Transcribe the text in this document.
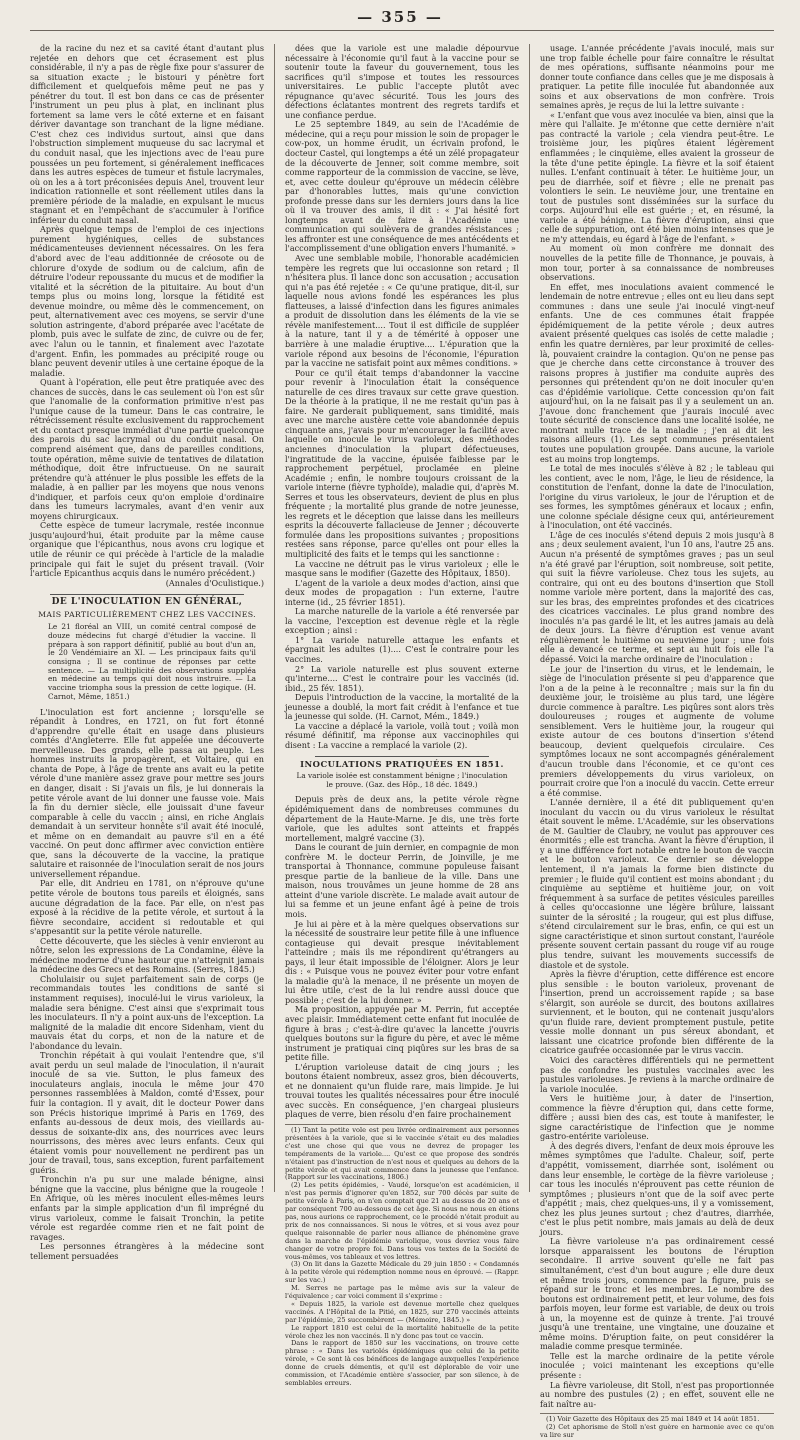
— 355 —

de la racine du nez et sa cavité étant d'autant plus rejetée en dehors que cet écrasement est plus considérable, il n'y a pas de règle fixe pour s'assurer de sa situation exacte ; le bistouri y pénètre fort difficilement et quelquefois même peut ne pas y pénétrer du tout. Il est bon dans ce cas de présenter l'instrument un peu plus à plat, en inclinant plus fortement sa lame vers le côté externe et en faisant dériver davantage son tranchant de la ligne médiane. C'est chez ces individus surtout, ainsi que dans l'obstruction simplement muqueuse du sac lacrymal et du conduit nasal, que les injections avec de l'eau pure poussées un peu fortement, si généralement inefficaces dans les autres espèces de tumeur et fistule lacrymales, où on les a à tort préconisées depuis Anel, trouvent leur indication rationnelle et sont réellement utiles dans la première période de la maladie, en expulsant le mucus stagnant et en l'empêchant de s'accumuler à l'orifice inférieur du conduit nasal.

Après quelque temps de l'emploi de ces injections purement hygiéniques, celles de substances médicamenteuses deviennent nécessaires. On les fera d'abord avec de l'eau additionnée de créosote ou de chlorure d'oxyde de sodium ou de calcium, afin de détruire l'odeur repoussante du mucus et de modifier la vitalité et la sécrétion de la pituitaire. Au bout d'un temps plus ou moins long, lorsque la fétidité est devenue moindre, ou même dès le commencement, on peut, alternativement avec ces moyens, se servir d'une solution astringente, d'abord préparée avec l'acétate de plomb, puis avec le sulfate de zinc, de cuivre ou de fer, avec l'alun ou le tannin, et finalement avec l'azotate d'argent. Enfin, les pommades au précipité rouge ou blanc peuvent devenir utiles à une certaine époque de la maladie.

Quant à l'opération, elle peut être pratiquée avec des chances de succès, dans le cas seulement où l'on est sûr que l'anomalie de la conformation primitive n'est pas l'unique cause de la tumeur. Dans le cas contraire, le rétrécissement résulte exclusivement du rapprochement et du contact presque immédiat d'une partie quelconque des parois du sac lacrymal ou du conduit nasal. On comprend aisément que, dans de pareilles conditions, toute opération, même suivie de tentatives de dilatation méthodique, doit être infructueuse. On ne saurait prétendre qu'à atténuer le plus possible les effets de la maladie, à en pallier par les moyens que nous venons d'indiquer, et parfois ceux qu'on emploie d'ordinaire dans les tumeurs lacrymales, avant d'en venir aux moyens chirurgicaux.

Cette espèce de tumeur lacrymale, restée inconnue jusqu'aujourd'hui, était produite par la même cause organique que l'épicanthus, nous avons cru logique et utile de réunir ce qui précède à l'article de la maladie principale qui fait le sujet du présent travail. (Voir l'article Epicanthus acquis dans le numéro précédent.)

(Annales d'Oculistique.)

DE L'INOCULATION EN GÉNÉRAL,
MAIS PARTICULIÈREMENT CHEZ LES VACCINES.
Le 21 floréal an VIII, un comité central composé de douze médecins fut chargé d'étudier la vaccine. Il prépara à son rapport définitif, publié au bout d'un an, le 20 Vendémiaire an XI. — Les principaux faits qu'il consigna ; Il se continue de réponses par cette sentence. — La multiplicité des observations suppléa en médecine au temps qui doit nous instruire. — La vaccine triompha sous la pression de cette logique. (H. Carnot, Même, 1851.)

L'inoculation est fort ancienne ; lorsqu'elle se répandit à Londres, en 1721, on fut fort étonné d'apprendre qu'elle était en usage dans plusieurs comtés d'Angleterre. Elle fut appelée une découverte merveilleuse. Des grands, elle passa au peuple. Les hommes instruits la propagèrent, et Voltaire, qui en chanta de Pope, à l'âge de trente ans avait eu la petite vérole d'une manière assez grave pour mettre ses jours en danger, disait : Si j'avais un fils, je lui donnerais la petite vérole avant de lui donner une fausse voie. Mais la fin du dernier siècle, elle jouissait d'une faveur comparable à celle du vaccin ; ainsi, en riche Anglais demandait à un serviteur honnête s'il avait été inoculé, et même on en demandait au pauvre s'il en a été vacciné. On peut donc affirmer avec conviction entière que, sans la découverte de la vaccine, la pratique salutaire et raisonnée de l'inoculation serait de nos jours universellement répandue.

Par elle, dit Andrieu en 1781, on n'éprouve qu'une petite vérole de boutons tous pareils et éloignés, sans aucune dégradation de la face. Par elle, on n'est pas exposé à la récidive de la petite vérole, et surtout à la fièvre secondaire, accident si redoutable et qui s'appesantit sur la petite vérole naturelle.

Cette découverte, que les siècles à venir envieront au nôtre, selon les expressions de La Condamine, élève la médecine moderne d'une hauteur que n'atteignit jamais la médecine des Grecs et des Romains. (Serres, 1845.)

Cholulaisir ou sujet parfaitement sain de corps (je recommandais toutes les conditions de santé si instamment requises), inoculé-lui le virus varioleux, la maladie sera bénigne. C'est ainsi que s'exprimait tous les inoculateurs. Il n'y a point aux-uns de l'exception. La malignité de la maladie dit encore Sidenham, vient du mauvais état du corps, et non de la nature et de l'abondance du levain.

Tronchin répétait à qui voulait l'entendre que, s'il avait perdu un seul malade de l'inoculation, il n'aurait inoculé de sa vie. Sutton, le plus fameux des inoculateurs anglais, inocula le même jour 470 personnes rassemblées à Maldon, comté d'Essex, pour fuir la contagion. Il y avait, dit le docteur Power dans son Précis historique imprimé à Paris en 1769, des enfants au-dessous de deux mois, des vieillards au-dessus de soixante-dix ans, des nourrices avec leurs nourrissons, des mères avec leurs enfants. Ceux qui étaient vomis pour nouvellement ne perdirent pas un jour de travail, tous, sans exception, furent parfaitement guéris.

Tronchin n'a pu sur une malade bénigne, ainsi bénigne que la vaccine, plus bénigne que la rougeole ! En Afrique, où les mères inoculent elles-mêmes leurs enfants par la simple application d'un fil imprégné du virus varioleux, comme le faisait Tronchin, la petite vérole est regardée comme rien et ne fait point de ravages.

Les personnes étrangères à la médecine sont tellement persuadées

dées que la variole est une maladie dépourvue nécessaire à l'économie qu'il faut à la vaccine pour se soutenir toute la faveur du gouvernement, tous les sacrifices qu'il s'impose et toutes les ressources universitaires. Le public l'accepte plutôt avec répugnance qu'avec sécurité. Tous les jours des défections éclatantes montrent des regrets tardifs et une confiance perdue.

Le 25 septembre 1849, au sein de l'Académie de médecine, qui a reçu pour mission le soin de propager le cow-pox, un homme érudit, un écrivain profond, le docteur Castel, qui longtemps a été un zélé propagateur de la découverte de Jenner, soit comme membre, soit comme rapporteur de la commission de vaccine, se lève, et, avec cette douleur qu'éprouve un médecin célèbre par d'honorables luttes, mais qu'une conviction profonde presse dans sur les derniers jours dans la lice où il va trouver des amis, il dit : « J'ai hésité fort longtemps avant de faire à l'Académie une communication qui soulèvera de grandes résistances ; les affronter est une conséquence de mes antécédents et l'accomplissement d'une obligation envers l'humanité. »

Avec une semblable mobile, l'honorable académicien tempère les regrets que lui occasionne son retard ; Il n'hésitera plus. Il lance donc son accusation ; accusation qui n'a pas été rejetée : « Ce qu'une pratique, dit-il, sur laquelle nous avions fondé les espérances les plus flatteuses, a laissé d'infection dans les figures animales a produit de dissolution dans les éléments de la vie se révèle manifestement.... Tout il est difficile de suppléer à la nature, tant il y a de témérité à opposer une barrière à une maladie éruptive.... L'épuration que la variole répond aux besoins de l'économie, l'épuration par la vaccine ne satisfait point aux mêmes conditions. »

Pour ce qu'il était temps d'abandonner la vaccine pour revenir à l'inoculation était la conséquence naturelle de ces dires travaux sur cette grave question. De la théorie à la pratique, il ne me restait qu'un pas à faire. Ne garderait publiquement, sans timidité, mais avec une marche austère cette voie abandonnée depuis cinquante ans, j'avais pour m'encourager la facilité avec laquelle on inocule le virus varioleux, des méthodes anciennes d'inoculation la plupart défectueuses, l'ingratitude de la vaccine, épuisée faiblesse par le rapprochement perpétuel, proclamée en pleine Académie ; enfin, le nombre toujours croissant de la variole interne (fièvre typhoïde), maladie qui, d'après M. Serres et tous les observateurs, devient de plus en plus fréquente ; la mortalité plus grande de notre jeunesse, les regrets et le déception que laisse dans les meilleurs esprits la découverte fallacieuse de Jenner ; découverte formulée dans les propositions suivantes ; propositions restées sans réponse, parce qu'elles ont pour elles la multiplicité des faits et le temps qui les sanctionne :

La vaccine ne détruit pas le virus varioleux ; elle le masque sans le modifier (Gazette des Hôpitaux, 1850).

L'agent de la variole a deux modes d'action, ainsi que deux modes de propagation : l'un externe, l'autre interne (id., 25 février 1851).

La marche naturelle de la variole a été renversée par la vaccine, l'exception est devenue règle et la règle exception ; ainsi :

1° La variole naturelle attaque les enfants et épargnait les adultes (1).... C'est le contraire pour les vaccines.

2° La variole naturelle est plus souvent externe qu'interne.... C'est le contraire pour les vaccinés (id. ibid., 25 fév. 1851).

Depuis l'introduction de la vaccine, la mortalité de la jeunesse a doublé, la mort fait crédit à l'enfance et tue la jeunesse qui solde. (H. Carnot, Mém., 1849.)

La vaccine a déplacé la variole, voilà tout ; voilà mon résumé définitif, ma réponse aux vaccinophiles qui disent : La vaccine a remplacé la variole (2).

INOCULATIONS PRATIQUÉES EN 1851.
La variole isolée est constamment bénigne ; l'inoculation le prouve. (Gaz. des Hôp., 18 déc. 1849.)

Depuis près de deux ans, la petite vérole règne épidémiquement dans de nombreuses communes du département de la Haute-Marne. Je dis, une très forte variole, que les adultes sont atteints et frappés mortellement, malgré vaccine (3).

Dans le courant de juin dernier, en compagnie de mon confrère M. le docteur Perrin, de Joinville, je me transportai à Thonnance, commune populeuse faisant presque partie de la banlieue de la ville. Dans une maison, nous trouvâmes un jeune homme de 28 ans atteint d'une variole discrète. Le malade avait autour de lui sa femme et un jeune enfant âgé à peine de trois mois.

Je lui ai père et à la mère quelques observations sur la nécessité de soustraire leur petite fille à une influence contagieuse qui devait presque inévitablement l'atteindre ; mais ils me répondirent qu'étrangers au pays, il leur était impossible de l'éloigner. Alors je leur dis : « Puisque vous ne pouvez éviter pour votre enfant la maladie qu'à la menace, il ne présente un moyen de lui être utile, c'est de la lui rendre aussi douce que possible ; c'est de la lui donner. »

Ma proposition, appuyée par M. Perrin, fut acceptée avec plaisir. Immédiatement cette enfant fut inoculée de figure à bras ; c'est-à-dire qu'avec la lancette j'ouvris quelques boutons sur la figure du père, et avec le même instrument je pratiquai cinq piqûres sur les bras de sa petite fille.

L'éruption varioleuse datait de cinq jours ; les boutons étaient nombreux, assez gros, bien découverts, et ne donnaient qu'un fluide rare, mais limpide. Je lui trouvai toutes les qualités nécessaires pour être inoculé avec succès. En conséquence, j'en chargeai plusieurs plaques de verre, bien résolu d'en faire prochainement

(1) Tant la petite vole est peu livrée ordinairement aux personnes présentées à la variole, que si le vaccinée s'était eu des maladies c'est une chose qui que vous ne devrez de propager les tempéraments de la variole.... Qu'est ce que propose des sondrés n'étaient pas d'instruction de n'est nous et quelques au dehors de la petite vérole et qui avait commence dans la jeunesse que l'enfance. (Rapport sur les vaccinations, 1806.)

(2) Les petits épidémies, - Vaudé, lorsque'on est académicien, il n'est pas permis d'ignorer qu'en 1852, sur 700 décès par suite de petite vérole à Paris, on n'en comptait que 21 au dessus de 20 ans et par conséquent 700 au-dessous de cet âge. Si nous ne nous en étions pas, nous aurions ce rapprochement, ce le procédé n'était produit au prix de nos connaissances. Si nous le vôtres, et si vous avez pour quelque raisonnable de parler nous alliance de phénomène grave dans la marche de l'épidémie variolique, vous devriez vous faire changer de votre propre foi. Dans tous vos textes de la Société de vous-mêmes, vos tableaux et vos lettres.

(3) On lit dans la Gazette Médicale du 29 juin 1850 : « Condamnés à la petite vérole qui rédemption nomme nous en éprouvé. — (Rappr. sur les vac.)

M. Serres ne partage pas le même avis sur la valeur de l'équivalence ; car voici comment il s'exprime :

« Depuis 1825, la variole est devenue mortelle chez quelques vaccinés. A l'Hôpital de la Pitié, en 1825, sur 270 vaccinés atteints par l'épidémie, 25 succombèrent — (Mémoire, 1845.) »

Le rapport 1810 est celui de la mortalité habituelle de la petite vérole chez les non vaccinés. Il n'y donc pas tout ce vaccin.

Dans le rapport de 1850 sur les vaccinations, on trouve cette phrase : « Dans les variolés épidémiques que celui de la petite vérole, » Ce sont là ces bénéfices de langage auxquelles l'expérience donne de cruels démentis, et qu'il est déplorable de voir une commission, et l'Académie entière s'associer, par son silence, à de semblables erreurs.

usage. L'année précédente j'avais inoculé, mais sur une trop faible échelle pour faire connaître le résultat de mes opérations, suffisante néanmoins pour me donner toute confiance dans celles que je me disposais à pratiquer. La petite fille inoculée fut abandonnée aux soins et aux observations de mon confrère. Trois semaines après, je reçus de lui la lettre suivante :

« L'enfant que vous avez inoculée va bien, ainsi que la mère qui l'allaite. Je m'étonne que cette dernière n'ait pas contracté la variole ; cela viendra peut-être. Le troisième jour, les piqûres étaient légèrement enflammées ; le cinquième, elles avaient la grosseur de la tête d'une petite épingle. La fièvre et la soif étaient nulles. L'enfant continuait à téter. Le huitième jour, un peu de diarrhée, soif et fièvre ; elle ne prenait pas volontiers le sein. Le neuvième jour, une trentaine en tout de pustules sont disséminées sur la surface du corps. Aujourd'hui elle est guérie ; et, en résumé, la variole a été bénigne. La fièvre d'éruption, ainsi que celle de suppuration, ont été bien moins intenses que je ne m'y attendais, eu égard à l'âge de l'enfant. »

Au moment où mon confrère me donnait des nouvelles de la petite fille de Thonnance, je pouvais, à mon tour, porter à sa connaissance de nombreuses observations.

En effet, mes inoculations avaient commencé le lendemain de notre entrevue ; elles ont eu lieu dans sept communes : dans une seule j'ai inoculé vingt-neuf enfants. Une de ces communes était frappée épidémiquement de la petite vérole ; deux autres avaient présenté quelques cas isolés de cette maladie ; enfin les quatre dernières, par leur proximité de celles-là, pouvaient craindre la contagion. Qu'on ne pense pas que je cherche dans cette circonstance à trouver des raisons propres à justifier ma conduite auprès des personnes qui prétendent qu'on ne doit inoculer qu'en cas d'épidémie variolique. Cette concession qu'on fait aujourd'hui, on la ne faisait pas il y a seulement un an. J'avoue donc franchement que j'aurais inoculé avec toute sécurité de conscience dans une localité isolée, ne montrant nulle trace de la maladie ; j'en ai dit les raisons ailleurs (1). Les sept communes présentaient toutes une population groupée. Dans aucune, la variole est au moins trop longtemps.

Le total de mes inoculés s'élève à 82 ; le tableau qui les contient, avec le nom, l'âge, le lieu de résidence, la constitution de l'enfant, donne la date de l'inoculation, l'origine du virus varioleux, le jour de l'éruption et de ses formes, les symptômes généraux et locaux ; enfin, une colonne spéciale désigne ceux qui, antérieurement à l'inoculation, ont été vaccinés.

L'âge de ces inoculés s'étend depuis 2 mois jusqu'à 8 ans ; deux seulement avaient, l'un 10 ans, l'autre 25 ans. Aucun n'a présenté de symptômes graves ; pas un seul n'a été gravé par l'éruption, soit nombreuse, soit petite, qui suit la fièvre varioleuse. Chez tous les sujets, au contraire, qui ont eu des boutons d'insertion que Stoll nomme variole mère portent, dans la majorité des cas, sur les bras, des empreintes profondes et des cicatrices des cicatrices vaccinales. Le plus grand nombre des inoculés n'a pas gardé le lit, et les autres jamais au delà de deux jours. La fièvre d'éruption est venue avant régulièrement le huitième ou neuvième jour ; une fois elle a devancé ce terme, et sept au huit fois elle l'a dépassé. Voici la marche ordinaire de l'inoculation :

Le jour de l'insertion du virus, et le lendemain, le siège de l'inoculation présente si peu d'apparence que l'on a de la peine à le reconnaître ; mais sur la fin du deuxième jour, le troisième au plus tard, une légère durcie commence à paraître. Les piqûres sont alors très douloureuses ; rouges et augmente de volume sensiblement. Vers le huitième jour, la rougeur qui existe autour de ces boutons d'insertion s'étend beaucoup, devient quelquefois circulaire. Ces symptômes locaux ne sont accompagnés généralement d'aucun trouble dans l'économie, et ce qu'ont ces premiers développements du virus varioleux, on pourrait croire que l'on a inoculé du vaccin. Cette erreur a été commise.

L'année dernière, il a été dit publiquement qu'en inoculant du vaccin ou du virus varioleux le résultat était souvent le même. L'Académie, sur les observations de M. Gaultier de Claubry, ne voulut pas approuver ces énormités ; elle est trancha. Avant la fièvre d'éruption, il y a une différence fort notable entre le bouton de vaccin et le bouton varioleux. Ce dernier se développe lentement, il n'a jamais la forme bien distincte du premier ; le fluide qu'il contient est moins abondant ; du cinquième au septième et huitième jour, on voit fréquemment à sa surface de petites vésicules pareilles à celles qu'occasionne une légère brûlure, laissant suinter de la sérosité ; la rougeur, qui est plus diffuse, s'étend circulairement sur le bras, enfin, ce qui est un signe caractéristique et sinon surtout constant, l'auréole présente souvent certain passant du rouge vif au rouge plus tendre, suivant les mouvements successifs de diastole et de systole.

Après la fièvre d'éruption, cette différence est encore plus sensible : le bouton varioleux, provenant de l'insertion, prend un accroissement rapide ; sa base s'élargit, son auréole se durcit, des boutons axillaires surviennent, et le bouton, qui ne contenait jusqu'alors qu'un fluide rare, devient promptement pustule, petite vessie molle donnant un pus séreux abondant, et laissant une cicatrice profonde bien différente de la cicatrice gaufrée occasionnée par le virus vaccin.

Voici des caractères différentiels qui ne permettent pas de confondre les pustules vaccinales avec les pustules varioleuses. Je reviens à la marche ordinaire de la variole inoculée.

Vers le huitième jour, à dater de l'insertion, commence la fièvre d'éruption qui, dans cette forme, diffère ; aussi bien des cas, est toute à manifester, le signe caractéristique de l'infection que je nomme gastro-entérite varioleuse.

À des degrés divers, l'enfant de deux mois éprouve les mêmes symptômes que l'adulte. Chaleur, soif, perte d'appétit, vomissement, diarrhée sont, isolément ou dans leur ensemble, le cortège de la fièvre varioleuse ; car tous les inoculés n'éprouvent pas cette réunion de symptômes ; plusieurs n'ont que de la soif avec perte d'appétit ; mais, chez quelques-uns, il y a vomissement, chez les plus jeunes surtout ; chez d'autres, diarrhée, c'est le plus petit nombre, mais jamais au delà de deux jours.

La fièvre varioleuse n'a pas ordinairement cessé lorsque apparaissent les boutons de l'éruption secondaire. Il arrive souvent qu'elle ne fait pas simultanément, c'est d'un bout augure ; elle dure deux et même trois jours, commence par la figure, puis se répand sur le tronc et les membres. Le nombre des boutons est ordinairement petit, et leur volume, des fois parfois moyen, leur forme est variable, de deux ou trois à un, la moyenne est de quinze à trente. J'ai trouvé jusqu'à une trentaine, une vingtaine, une douzaine et même moins. D'éruption faite, on peut considérer la maladie comme presque terminée.

Telle est la marche ordinaire de la petite vérole inoculée ; voici maintenant les exceptions qu'elle présente :

La fièvre varioleuse, dit Stoll, n'est pas proportionnée au nombre des pustules (2) ; en effet, souvent elle ne fait naître au-

(1) Voir Gazette des Hôpitaux des 25 mai 1849 et 14 août 1851.

(2) Cet aphorisme de Stoll n'est guère en harmonie avec ce qu'on va lire sur
